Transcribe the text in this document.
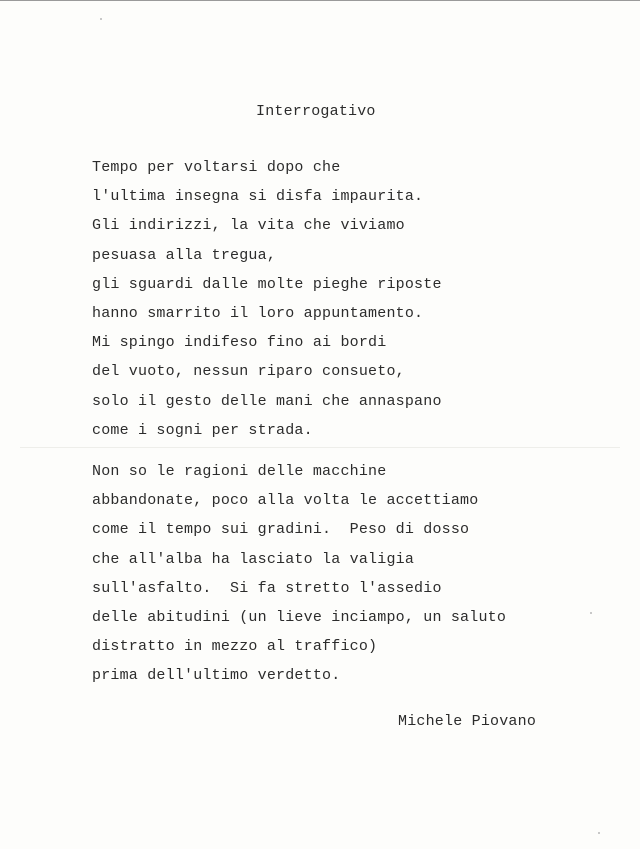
Interrogativo
Tempo per voltarsi dopo che
l'ultima insegna si disfa impaurita.
Gli indirizzi, la vita che viviamo
pesuasa alla tregua,
gli sguardi dalle molte pieghe riposte
hanno smarrito il loro appuntamento.
Mi spingo indifeso fino ai bordi
del vuoto, nessun riparo consueto,
solo il gesto delle mani che annaspano
come i sogni per strada.
Non so le ragioni delle macchine
abbandonate, poco alla volta le accettiamo
come il tempo sui gradini.  Peso di dosso
che all'alba ha lasciato la valigia
sull'asfalto.  Si fa stretto l'assedio
delle abitudini (un lieve inciampo, un saluto
distratto in mezzo al traffico)
prima dell'ultimo verdetto.
Michele Piovano
